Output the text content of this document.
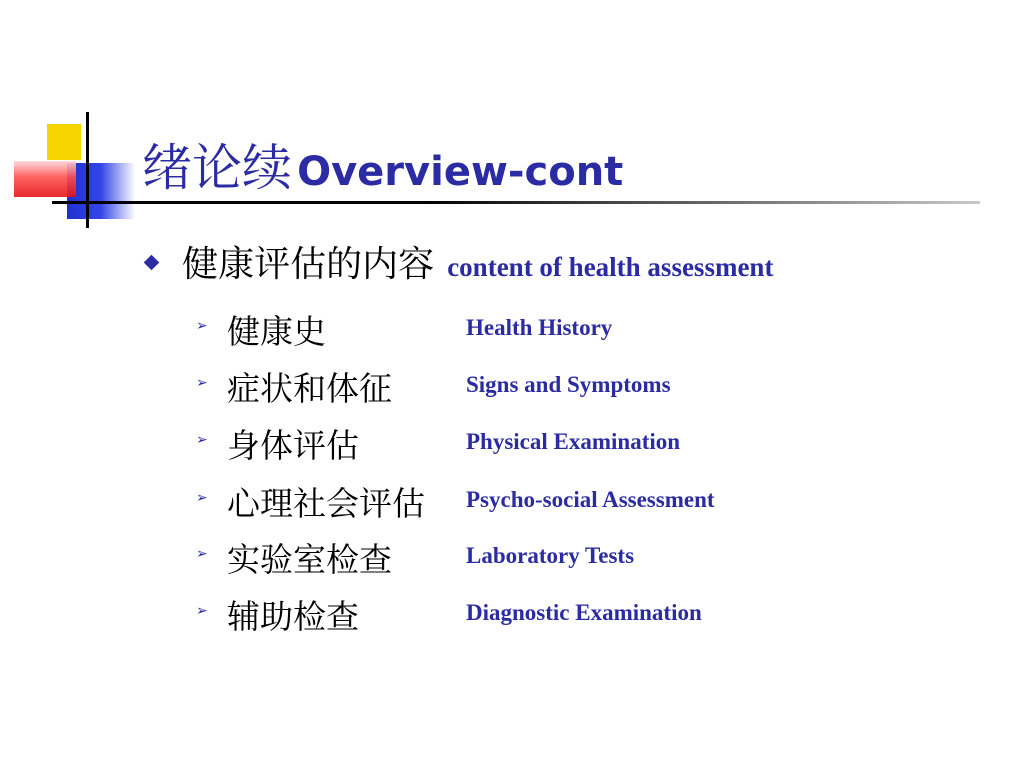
绪论续 Overview-cont
健康评估的内容 content of health assessment
➢ 健康史	Health History
➢ 症状和体征	Signs and Symptoms
➢ 身体评估	Physical Examination
➢ 心理社会评估 Psycho-social Assessment
➢ 实验室检查	Laboratory Tests
➢ 辅助检查	Diagnostic Examination
